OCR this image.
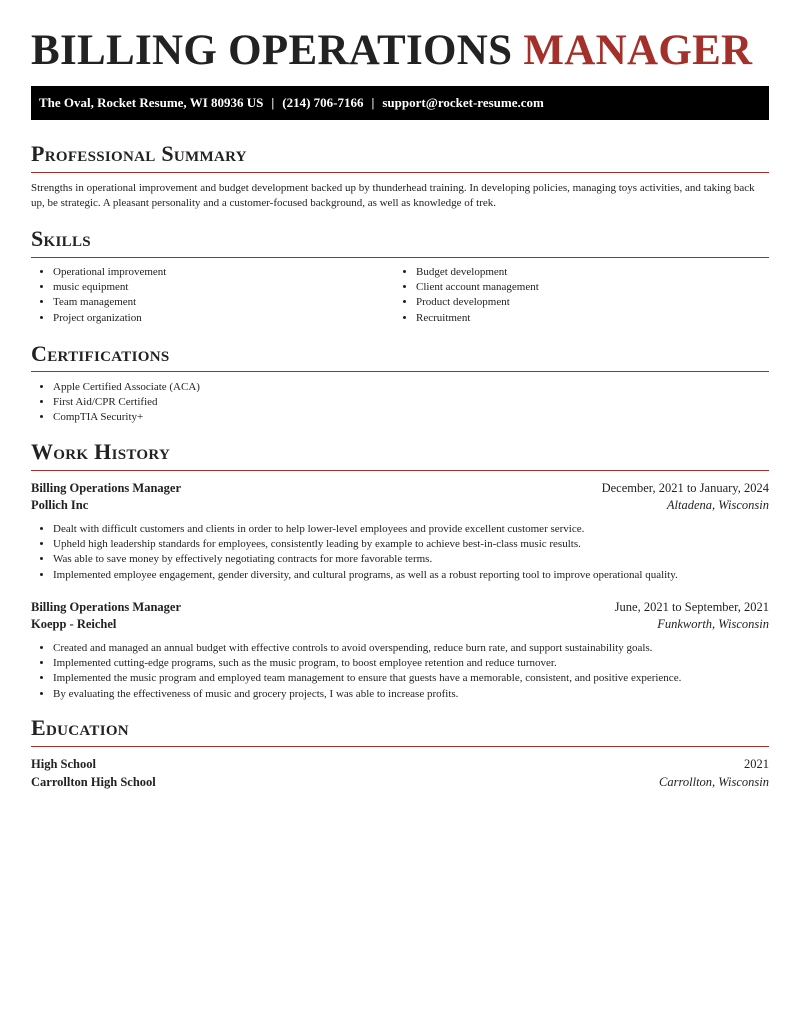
BILLING OPERATIONS MANAGER
The Oval, Rocket Resume, WI 80936 US | (214) 706-7166 | support@rocket-resume.com
Professional Summary

Strengths in operational improvement and budget development backed up by thunderhead training. In developing policies, managing toys activities, and taking back up, be strategic. A pleasant personality and a customer-focused background, as well as knowledge of trek.

Skills
• Operational improvement
• music equipment
• Team management
• Project organization
• Budget development
• Client account management
• Product development
• Recruitment
Certifications
• Apple Certified Associate (ACA)
• First Aid/CPR Certified
• CompTIA Security+
Work History
Billing Operations Manager	December, 2021 to January, 2024
Pollich Inc	Altadena, Wisconsin
• Dealt with difficult customers and clients in order to help lower-level employees and provide excellent customer service.
• Upheld high leadership standards for employees, consistently leading by example to achieve best-in-class music results.
• Was able to save money by effectively negotiating contracts for more favorable terms.
• Implemented employee engagement, gender diversity, and cultural programs, as well as a robust reporting tool to improve operational quality.
Billing Operations Manager	June, 2021 to September, 2021
Koepp - Reichel	Funkworth, Wisconsin
• Created and managed an annual budget with effective controls to avoid overspending, reduce burn rate, and support sustainability goals.
• Implemented cutting-edge programs, such as the music program, to boost employee retention and reduce turnover.
• Implemented the music program and employed team management to ensure that guests have a memorable, consistent, and positive experience.
• By evaluating the effectiveness of music and grocery projects, I was able to increase profits.
Education
High School	2021
Carrollton High School	Carrollton, Wisconsin
